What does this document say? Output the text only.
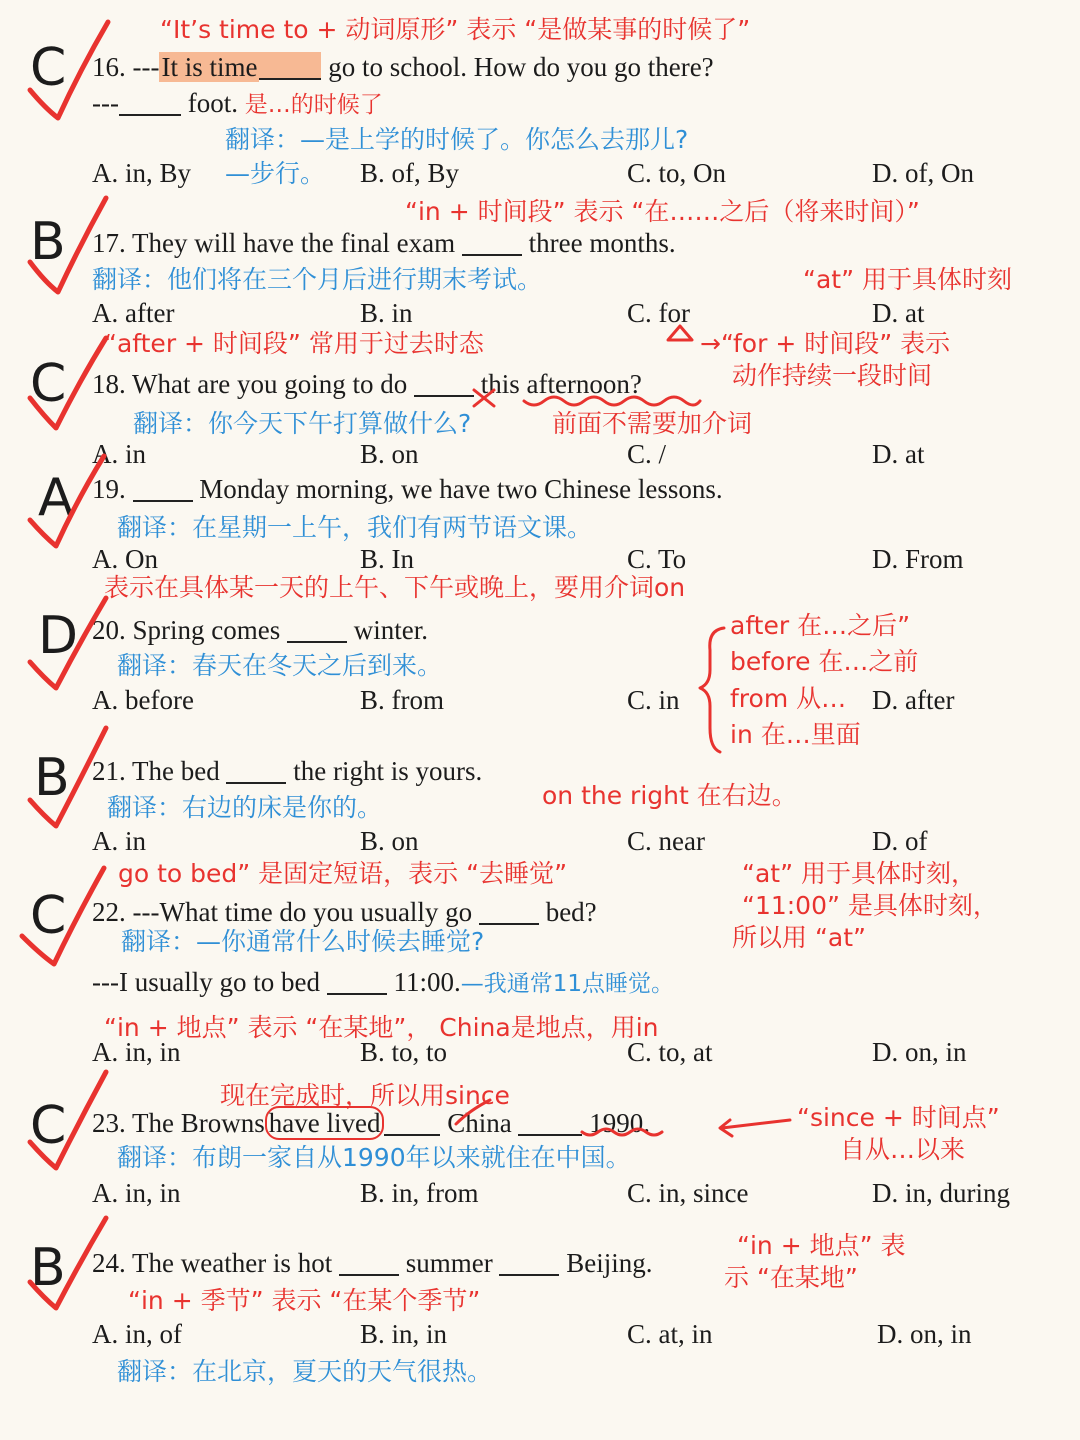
“It’s time to + 动词原形” 表示 “是做某事的时候了”
16. ---It is time go to school. How do you go there?
--- foot. 是…的时候了
翻译：—是上学的时候了。你怎么去那儿?
A. in, By —步行。 B. of, By	C. to, On	D. of, On
“in + 时间段” 表示 “在……之后（将来时间）”
17. They will have the final exam  three months.
翻译：他们将在三个月后进行期末考试。	“at” 用于具体时刻
A. after	B. in	C. for	D. at
“after + 时间段” 常用于过去时态	→“for + 时间段” 表示
动作持续一段时间
18. What are you going to do  this afternoon?
翻译：你今天下午打算做什么?	前面不需要加介词
A. in	B. on	C. /	D. at
19.  Monday morning, we have two Chinese lessons.
翻译：在星期一上午，我们有两节语文课。
A. On	B. In	C. To	D. From
表示在具体某一天的上午、下午或晚上，要用介词on
20. Spring comes  winter.
翻译：春天在冬天之后到来。
A. before	B. from	C. in	D. after
after 在…之后”
before 在…之前
from 从…
in 在…里面
21. The bed  the right is yours.
翻译：右边的床是你的。	on the right 在右边。
A. in	B. on	C. near	D. of
go to bed” 是固定短语，表示 “去睡觉”	“at” 用于具体时刻，
“11:00” 是具体时刻，
所以用 “at”
22. ---What time do you usually go  bed?
翻译：—你通常什么时候去睡觉?
---I usually go to bed  11:00.—我通常11点睡觉。
“in + 地点” 表示 “在某地”， China是地点，用in
A. in, in	B. to, to	C. to, at	D. on, in
现在完成时，所以用since
23. The Browns have lived China  1990.	“since + 时间点”
自从…以来
翻译：布朗一家自从1990年以来就住在中国。
A. in, in	B. in, from	C. in, since	D. in, during
“in + 地点” 表
示 “在某地”
24. The weather is hot  summer  Beijing.
“in + 季节” 表示 “在某个季节”
A. in, of	B. in, in	C. at, in	D. on, in
翻译：在北京，夏天的天气很热。
C
B
C
A
D
B
C
C
B
